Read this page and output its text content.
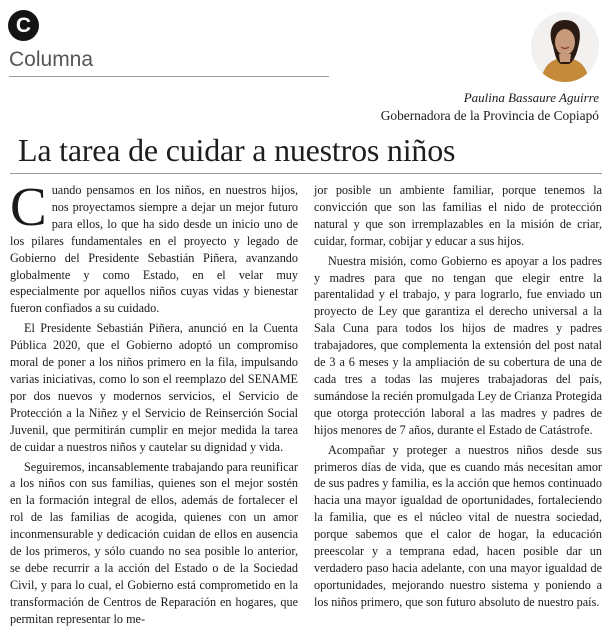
C
Columna
Paulina Bassaure Aguirre
Gobernadora de la Provincia de Copiapó
La tarea de cuidar a nuestros niños

Cuando pensamos en los niños, en nuestros hijos, nos proyectamos siempre a dejar un mejor futuro para ellos, lo que ha sido desde un inicio uno de los pilares fundamentales en el proyecto y legado de Gobierno del Presidente Sebastián Piñera, avanzando globalmente y como Estado, en el velar muy especialmente por aquellos niños cuyas vidas y bienestar fueron confiados a su cuidado.

El Presidente Sebastián Piñera, anunció en la Cuenta Pública 2020, que el Gobierno adoptó un compromiso moral de poner a los niños primero en la fila, impulsando varias iniciativas, como lo son el reemplazo del SENAME por dos nuevos y modernos servicios, el Servicio de Protección a la Niñez y el Servicio de Reinserción Social Juvenil, que permitirán cumplir en mejor medida la tarea de cuidar a nuestros niños y cautelar su dignidad y vida.

Seguiremos, incansablemente trabajando para reunificar a los niños con sus familias, quienes son el mejor sostén en la formación integral de ellos, además de fortalecer el rol de las familias de acogida, quienes con un amor inconmensurable y dedicación cuidan de ellos en ausencia de los primeros, y sólo cuando no sea posible lo anterior, se debe recurrir a la acción del Estado o de la Sociedad Civil, y para lo cual, el Gobierno está comprometido en la transformación de Centros de Reparación en hogares, que permitan representar lo me-

jor posible un ambiente familiar, porque tenemos la convicción que son las familias el nido de protección natural y que son irremplazables en la misión de criar, cuidar, formar, cobijar y educar a sus hijos.

Nuestra misión, como Gobierno es apoyar a los padres y madres para que no tengan que elegir entre la parentalidad y el trabajo, y para lograrlo, fue enviado un proyecto de Ley que garantiza el derecho universal a la Sala Cuna para todos los hijos de madres y padres trabajadores, que complementa la extensión del post natal de 3 a 6 meses y la ampliación de su cobertura de una de cada tres a todas las mujeres trabajadoras del país, sumándose la recién promulgada Ley de Crianza Protegida que otorga protección laboral a las madres y padres de hijos menores de 7 años, durante el Estado de Catástrofe.

Acompañar y proteger a nuestros niños desde sus primeros días de vida, que es cuando más necesitan amor de sus padres y familia, es la acción que hemos continuado hacia una mayor igualdad de oportunidades, fortaleciendo la familia, que es el núcleo vital de nuestra sociedad, porque sabemos que el calor de hogar, la educación preescolar y a temprana edad, hacen posible dar un verdadero paso hacia adelante, con una mayor igualdad de oportunidades, mejorando nuestro sistema y poniendo a los niños primero, que son futuro absoluto de nuestro país.
